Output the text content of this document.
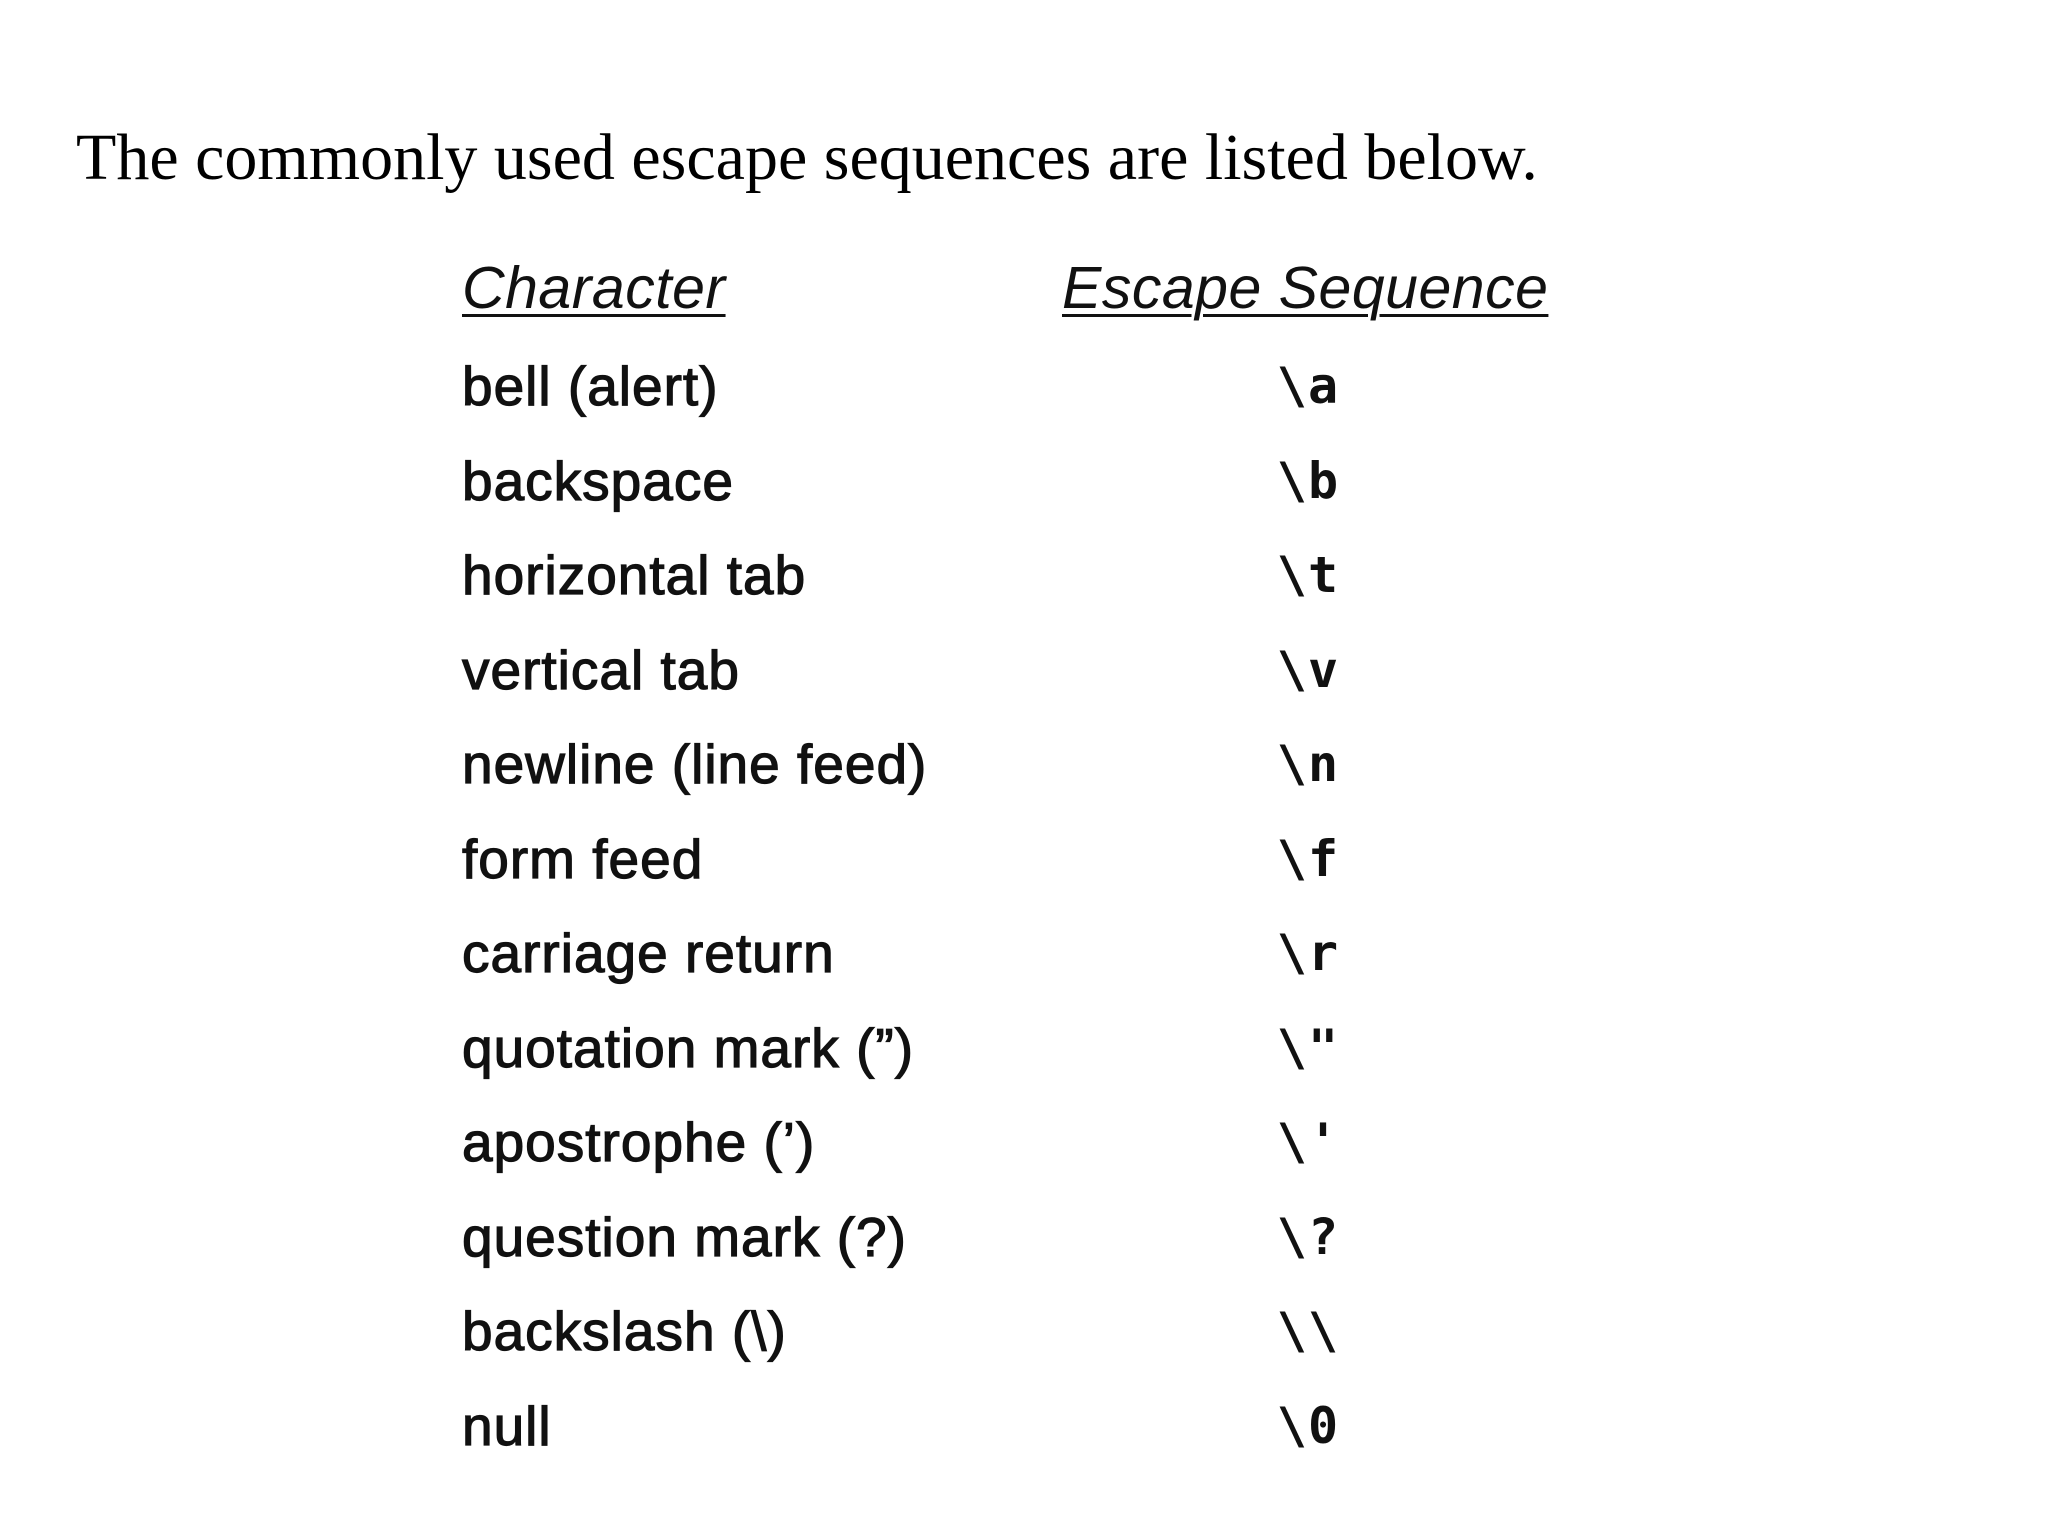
The commonly used escape sequences are listed below.

Character	Escape Sequence
bell (alert)	\a
backspace	\b
horizontal tab	\t
vertical tab	\v
newline (line feed)	\n
form feed	\f
carriage return	\r
quotation mark (”)	\"
apostrophe (’)	\'
question mark (?)	\?
backslash (\)	\\
null	\0
